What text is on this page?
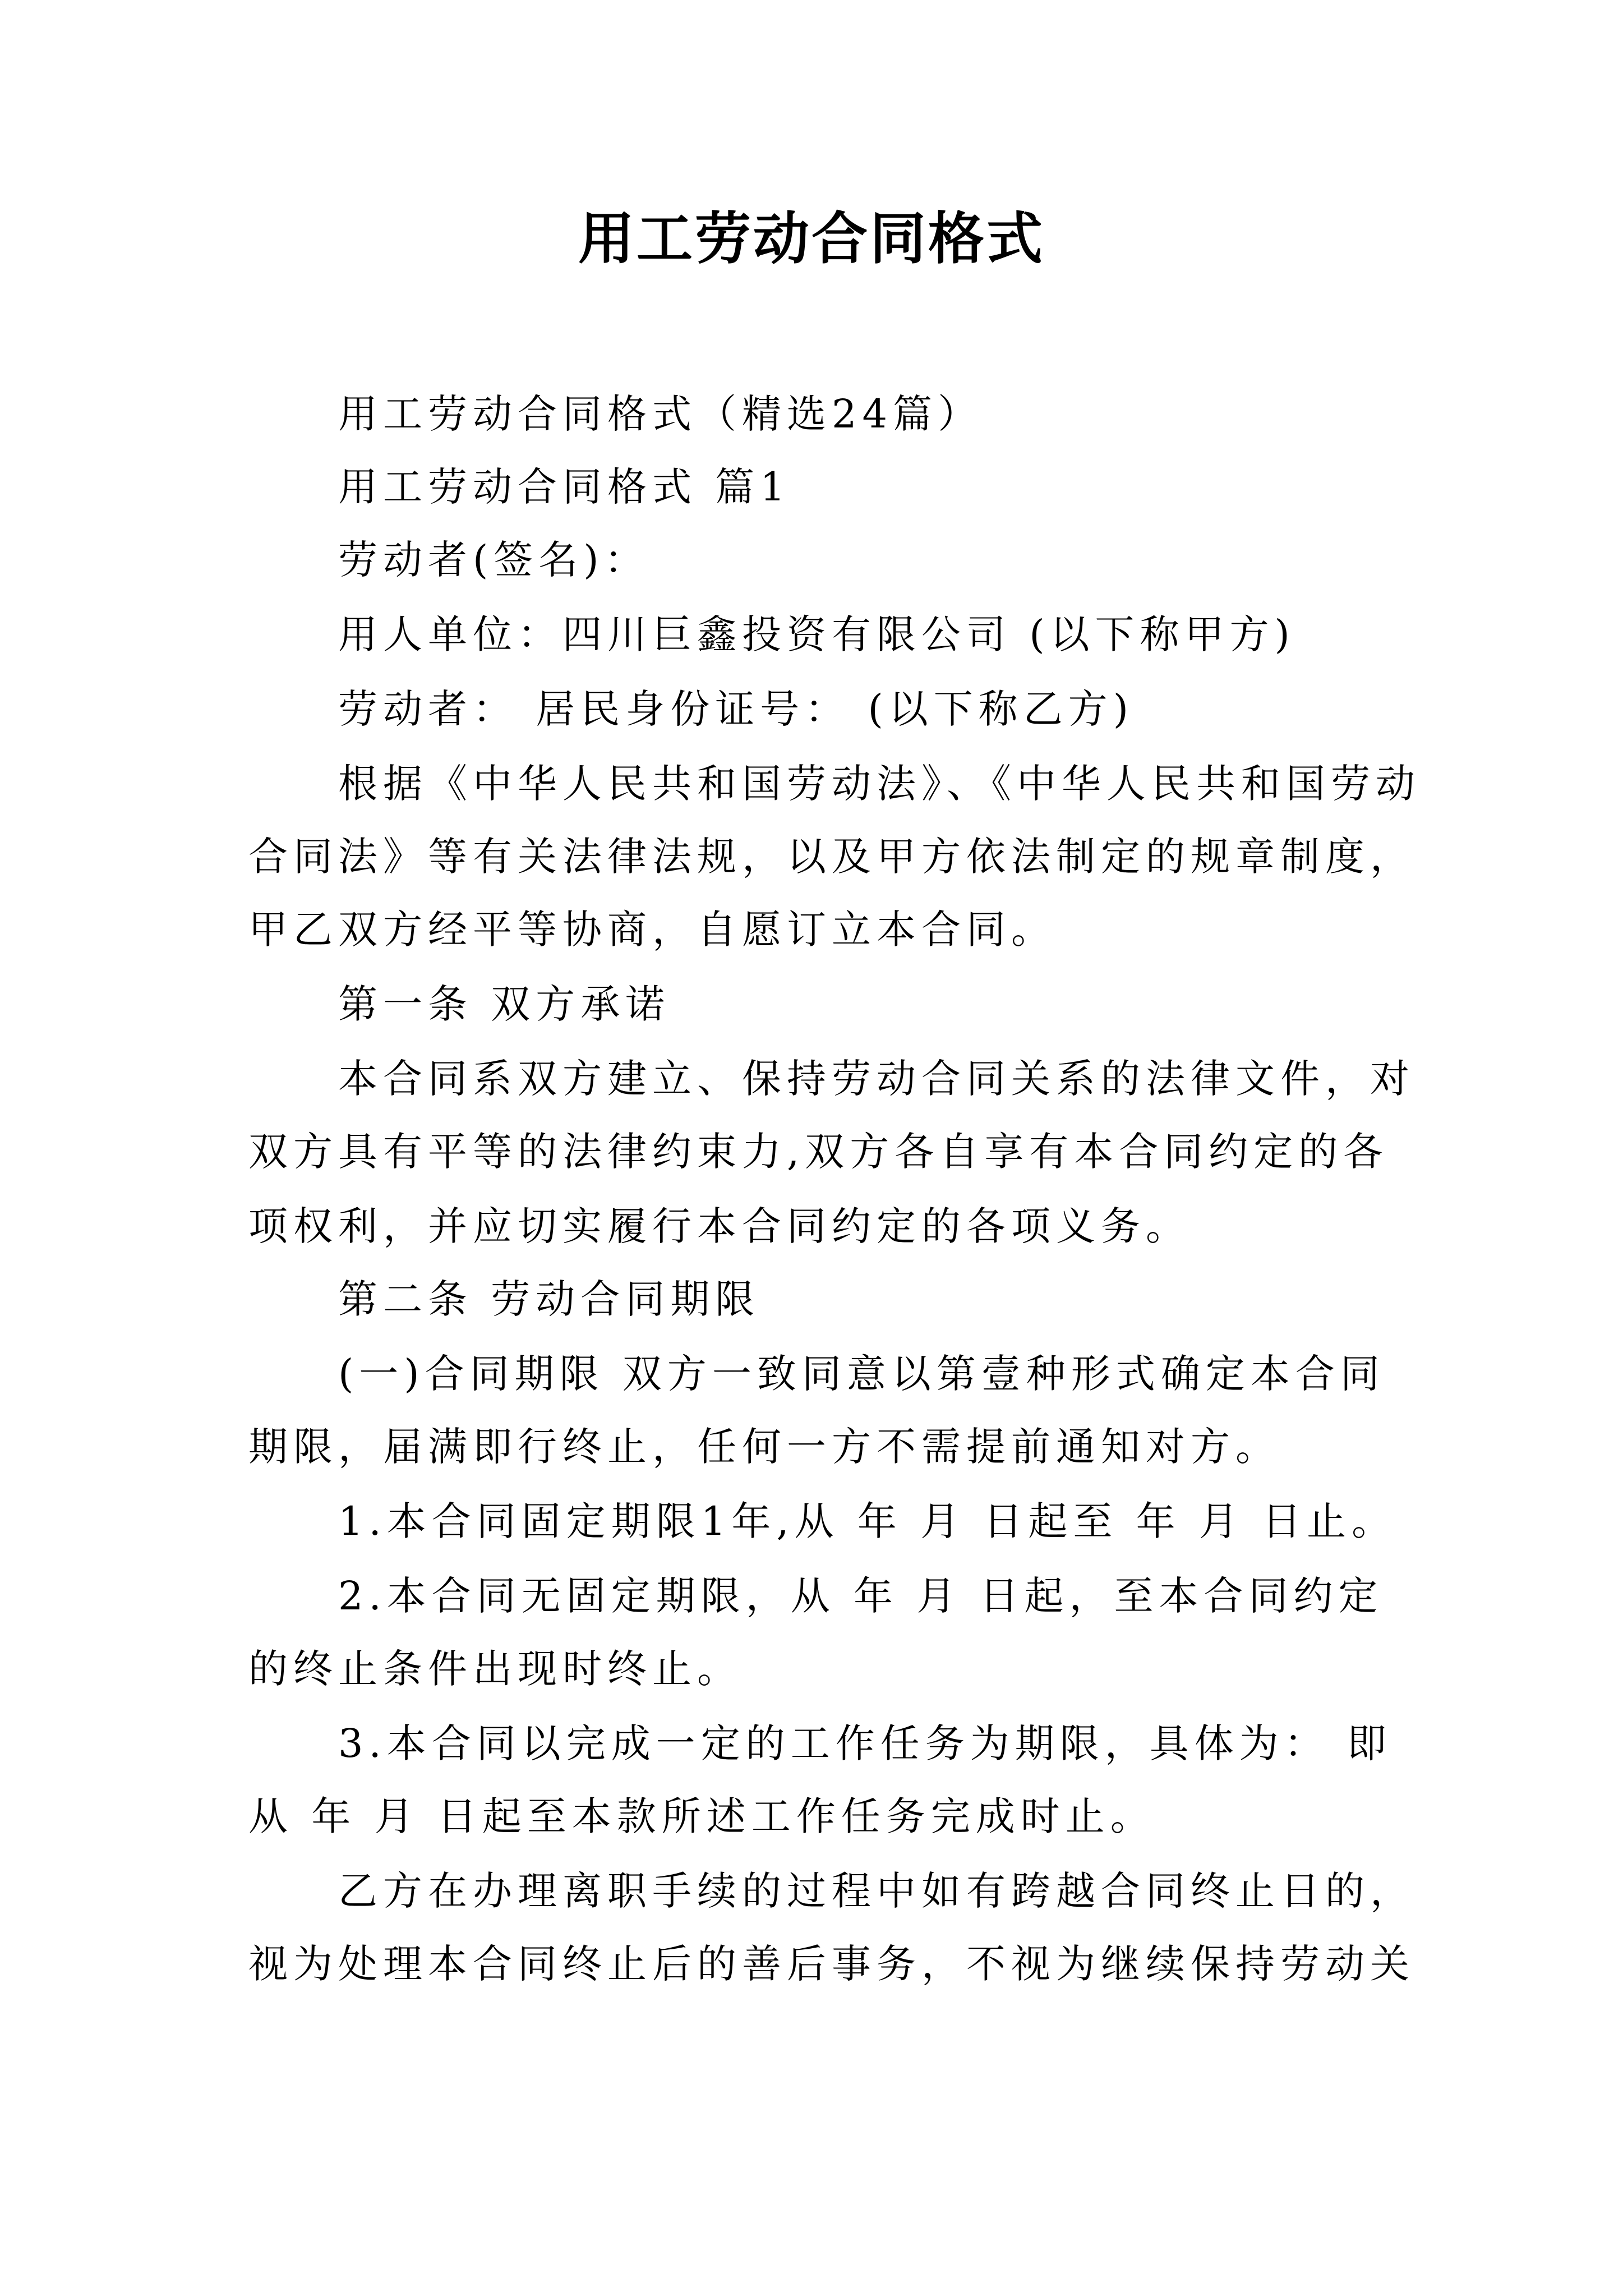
用工劳动合同格式
用工劳动合同格式（精选24篇）
用工劳动合同格式 篇1
劳动者(签名)：
用人单位：四川巨鑫投资有限公司 (以下称甲方)
劳动者： 居民身份证号： (以下称乙方)
根据《中华人民共和国劳动法》、《中华人民共和国劳动
合同法》等有关法律法规，以及甲方依法制定的规章制度，
甲乙双方经平等协商，自愿订立本合同。
第一条 双方承诺
本合同系双方建立、保持劳动合同关系的法律文件，对
双方具有平等的法律约束力,双方各自享有本合同约定的各
项权利，并应切实履行本合同约定的各项义务。
第二条 劳动合同期限
(一)合同期限 双方一致同意以第壹种形式确定本合同
期限，届满即行终止，任何一方不需提前通知对方。
1.本合同固定期限1年,从 年 月 日起至 年 月 日止。
2.本合同无固定期限，从 年 月 日起，至本合同约定
的终止条件出现时终止。
3.本合同以完成一定的工作任务为期限，具体为： 即
从 年 月 日起至本款所述工作任务完成时止。
乙方在办理离职手续的过程中如有跨越合同终止日的，
视为处理本合同终止后的善后事务，不视为继续保持劳动关
